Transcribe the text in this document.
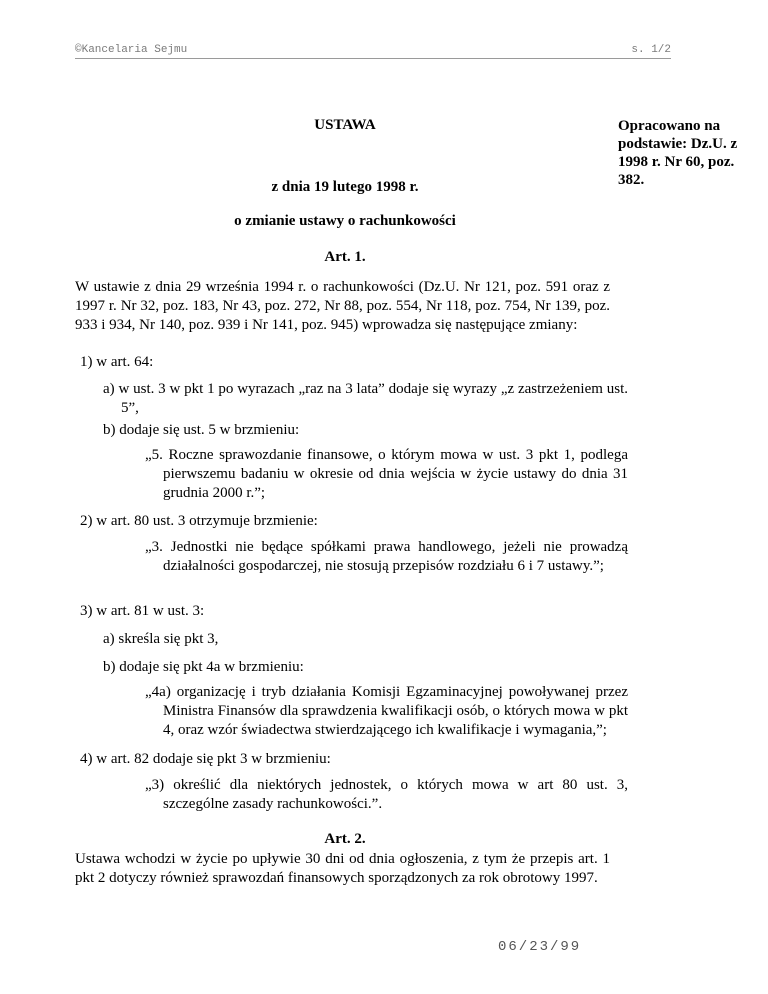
©Kancelaria Sejmu	s. 1/2
Opracowano na podstawie: Dz.U. z 1998 r. Nr 60, poz. 382.
USTAWA
z dnia 19 lutego 1998 r.
o zmianie ustawy o rachunkowości
Art. 1.
W ustawie z dnia 29 września 1994 r. o rachunkowości (Dz.U. Nr 121, poz. 591 oraz z 1997 r. Nr 32, poz. 183, Nr 43, poz. 272, Nr 88, poz. 554, Nr 118, poz. 754, Nr 139, poz. 933 i 934, Nr 140, poz. 939 i Nr 141, poz. 945) wprowadza się następujące zmiany:
1) w art. 64:
a) w ust. 3 w pkt 1 po wyrazach „raz na 3 lata” dodaje się wyrazy „z zastrzeżeniem ust. 5”,
b) dodaje się ust. 5 w brzmieniu:
„5. Roczne sprawozdanie finansowe, o którym mowa w ust. 3 pkt 1, podlega pierwszemu badaniu w okresie od dnia wejścia w życie ustawy do dnia 31 grudnia 2000 r.”;
2) w art. 80 ust. 3 otrzymuje brzmienie:
„3. Jednostki nie będące spółkami prawa handlowego, jeżeli nie prowadzą działalności gospodarczej, nie stosują przepisów rozdziału 6 i 7 ustawy.”;
3) w art. 81 w ust. 3:
a) skreśla się pkt 3,
b) dodaje się pkt 4a w brzmieniu:
„4a) organizację i tryb działania Komisji Egzaminacyjnej powoływanej przez Ministra Finansów dla sprawdzenia kwalifikacji osób, o których mowa w pkt 4, oraz wzór świadectwa stwierdzającego ich kwalifikacje i wymagania,”;
4) w art. 82 dodaje się pkt 3 w brzmieniu:
„3) określić dla niektórych jednostek, o których mowa w art 80 ust. 3, szczególne zasady rachunkowości.”.
Art. 2.
Ustawa wchodzi w życie po upływie 30 dni od dnia ogłoszenia, z tym że przepis art. 1 pkt 2 dotyczy również sprawozdań finansowych sporządzonych za rok obrotowy 1997.
06/23/99
